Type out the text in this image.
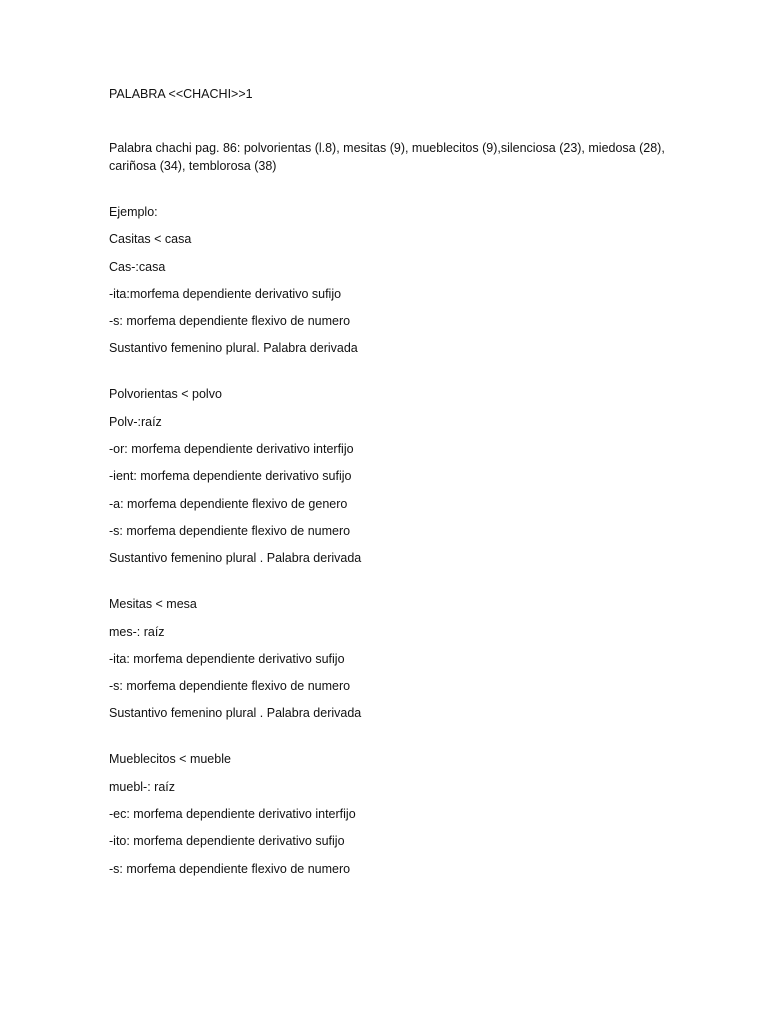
PALABRA <<CHACHI>>1

Palabra chachi pag. 86: polvorientas (l.8), mesitas (9), mueblecitos (9),silenciosa (23), miedosa (28), cariñosa (34), temblorosa (38)

Ejemplo:

Casitas < casa

Cas-:casa

-ita:morfema dependiente derivativo sufijo

-s: morfema dependiente flexivo de numero

Sustantivo femenino plural. Palabra derivada

Polvorientas < polvo

Polv-:raíz

-or: morfema dependiente derivativo interfijo

-ient: morfema dependiente derivativo sufijo

-a: morfema dependiente flexivo de genero

-s: morfema dependiente flexivo de numero

Sustantivo femenino plural . Palabra derivada

Mesitas < mesa

mes-: raíz

-ita: morfema dependiente derivativo sufijo

-s: morfema dependiente flexivo de numero

Sustantivo femenino plural . Palabra derivada

Mueblecitos < mueble

muebl-: raíz

-ec: morfema dependiente derivativo interfijo

-ito: morfema dependiente derivativo sufijo

-s: morfema dependiente flexivo de numero
